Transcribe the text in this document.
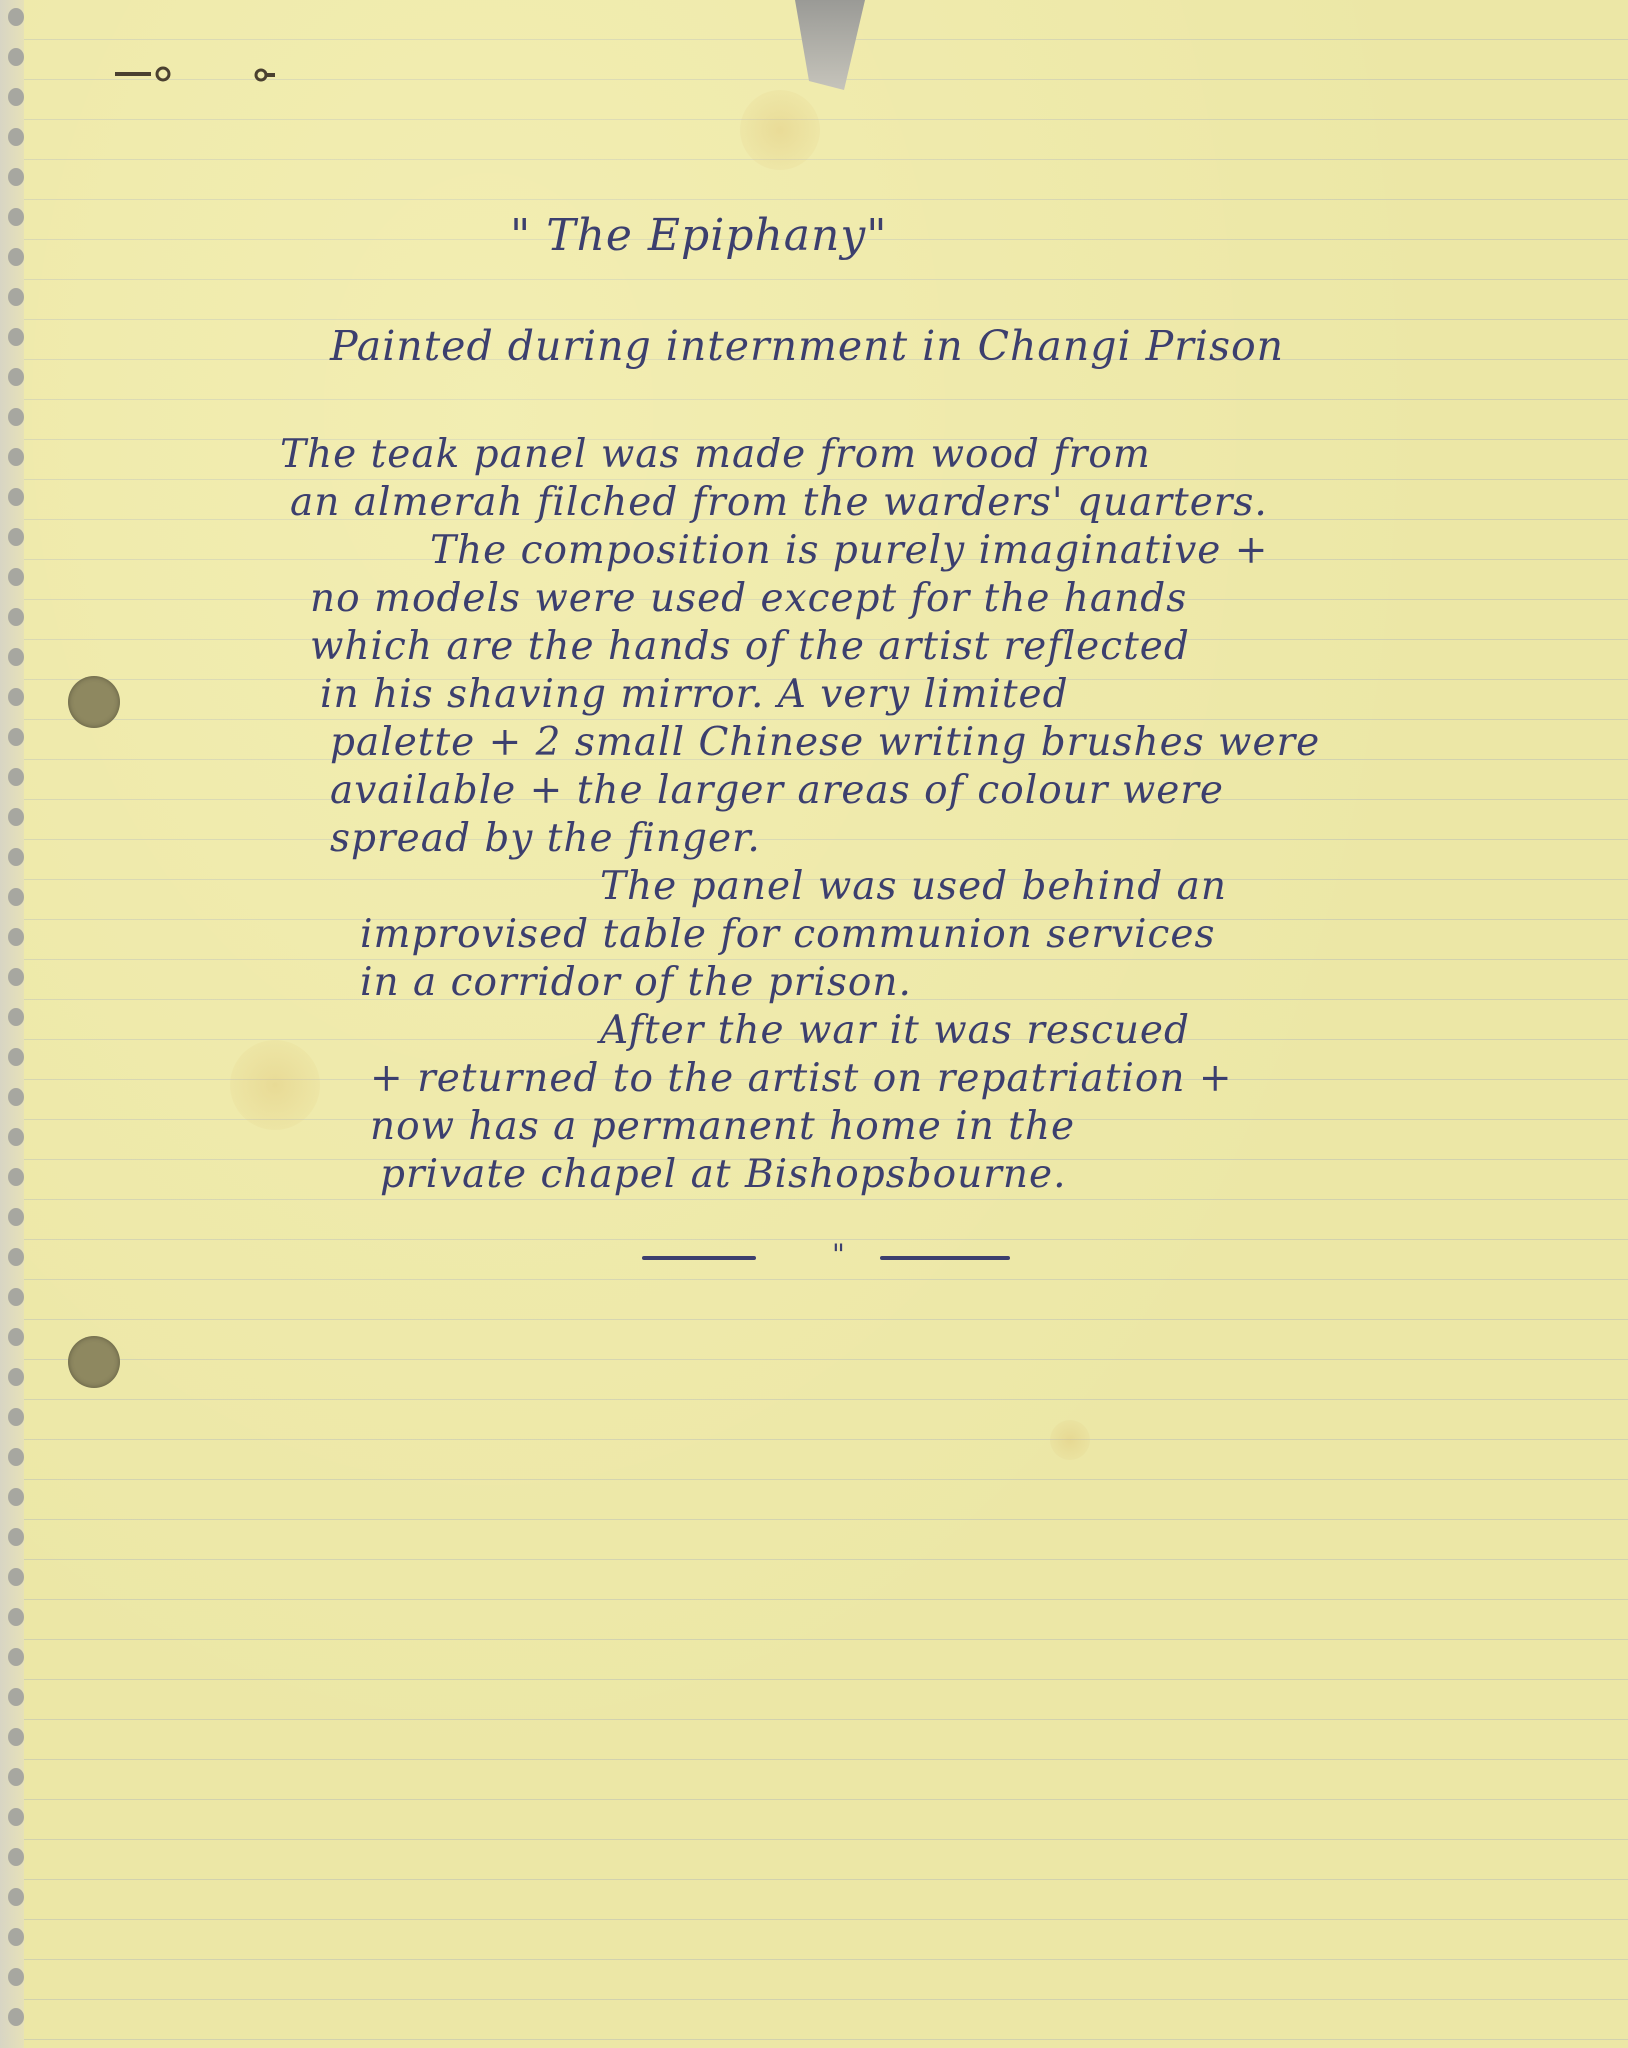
" The Epiphany"
Painted during internment in Changi Prison
The teak panel was made from wood from
an almerah filched from the warders' quarters.
The composition is purely imaginative +
no models were used except for the hands
which are the hands of the artist reflected
in his shaving mirror. A very limited
palette + 2 small Chinese writing brushes were
available + the larger areas of colour were
spread by the finger.
The panel was used behind an
improvised table for communion services
in a corridor of the prison.
After the war it was rescued
+ returned to the artist on repatriation +
now has a permanent home in the
private chapel at Bishopsbourne.
"
